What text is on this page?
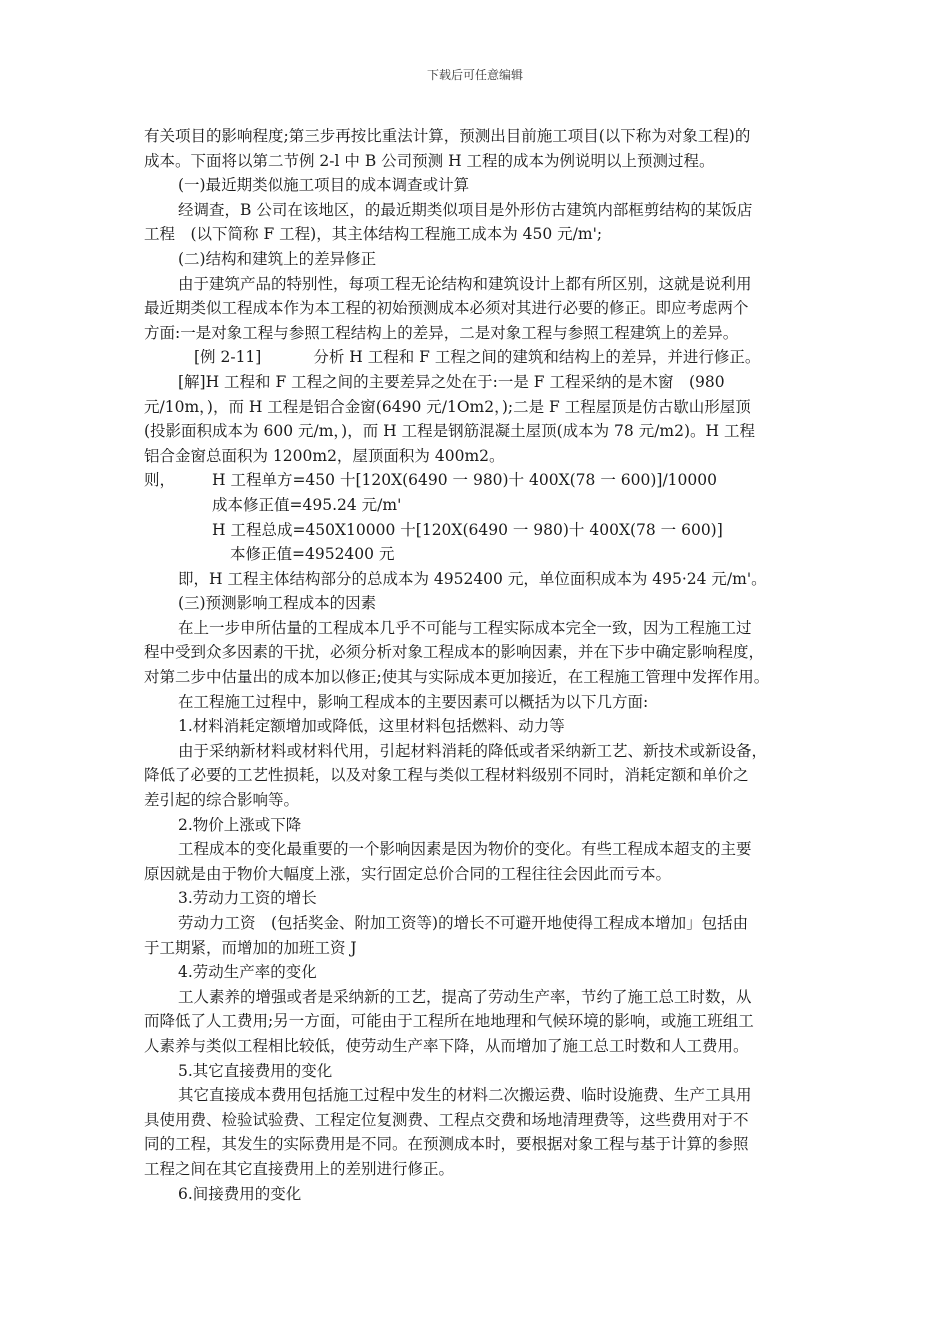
下载后可任意编辑

有关项目的影响程度;第三步再按比重法计算，预测出目前施工项目(以下称为对象工程)的

成本。下面将以第二节例 2-l 中 B 公司预测 H 工程的成本为例说明以上预测过程。

(一)最近期类似施工项目的成本调查或计算

经调查，B 公司在该地区，的最近期类似项目是外形仿古建筑内部框剪结构的某饭店

工程　(以下简称 F 工程)，其主体结构工程施工成本为 450 元/m';

(二)结构和建筑上的差异修正

由于建筑产品的特别性，每项工程无论结构和建筑设计上都有所区别，这就是说利用

最近期类似工程成本作为本工程的初始预测成本必须对其进行必要的修正。即应考虑两个

方面:一是对象工程与参照工程结构上的差异，二是对象工程与参照工程建筑上的差异。

[例 2-11]	分析 H 工程和 F 工程之间的建筑和结构上的差异，并进行修正。

[解]H 工程和 F 工程之间的主要差异之处在于:一是 F 工程采纳的是木窗　(980

元/10m，)，而 H 工程是铝合金窗(6490 元/1Om2，);二是 F 工程屋顶是仿古歇山形屋顶

(投影面积成本为 600 元/m，)，而 H 工程是钢筋混凝土屋顶(成本为 78 元/m2)。H 工程

铝合金窗总面积为 1200m2，屋顶面积为 400m2。

则，	H 工程单方=450 十[120X(6490 一 980)十 400X(78 一 600)]/10000

成本修正值=495.24 元/m'

H 工程总成=450X10000 十[120X(6490 一 980)十 400X(78 一 600)]

本修正值=4952400 元

即，H 工程主体结构部分的总成本为 4952400 元，单位面积成本为 495·24 元/m'。

(三)预测影响工程成本的因素

在上一步申所估量的工程成本几乎不可能与工程实际成本完全一致，因为工程施工过

程中受到众多因素的干扰，必须分析对象工程成本的影响因素，并在下步中确定影响程度，

对第二步中估量出的成本加以修正;使其与实际成本更加接近，在工程施工管理中发挥作用。

在工程施工过程中，影响工程成本的主要因素可以概括为以下几方面:

1.材料消耗定额增加或降低，这里材料包括燃料、动力等

由于采纳新材料或材料代用，引起材料消耗的降低或者采纳新工艺、新技术或新设备，

降低了必要的工艺性损耗，以及对象工程与类似工程材料级别不同时，消耗定额和单价之

差引起的综合影响等。

2.物价上涨或下降

工程成本的变化最重要的一个影响因素是因为物价的变化。有些工程成本超支的主要

原因就是由于物价大幅度上涨，实行固定总价合同的工程往往会因此而亏本。

3.劳动力工资的增长

劳动力工资　(包括奖金、附加工资等)的增长不可避开地使得工程成本增加」包括由

于工期紧，而增加的加班工资 J

4.劳动生产率的变化

工人素养的增强或者是采纳新的工艺，提高了劳动生产率，节约了施工总工时数，从

而降低了人工费用;另一方面，可能由于工程所在地地理和气候环境的影响，或施工班组工

人素养与类似工程相比较低，使劳动生产率下降，从而增加了施工总工时数和人工费用。

5.其它直接费用的变化

其它直接成本费用包括施工过程中发生的材料二次搬运费、临时设施费、生产工具用

具使用费、检验试验费、工程定位复测费、工程点交费和场地清理费等，这些费用对于不

同的工程，其发生的实际费用是不同。在预测成本时，要根据对象工程与基于计算的参照

工程之间在其它直接费用上的差别进行修正。

6.间接费用的变化
